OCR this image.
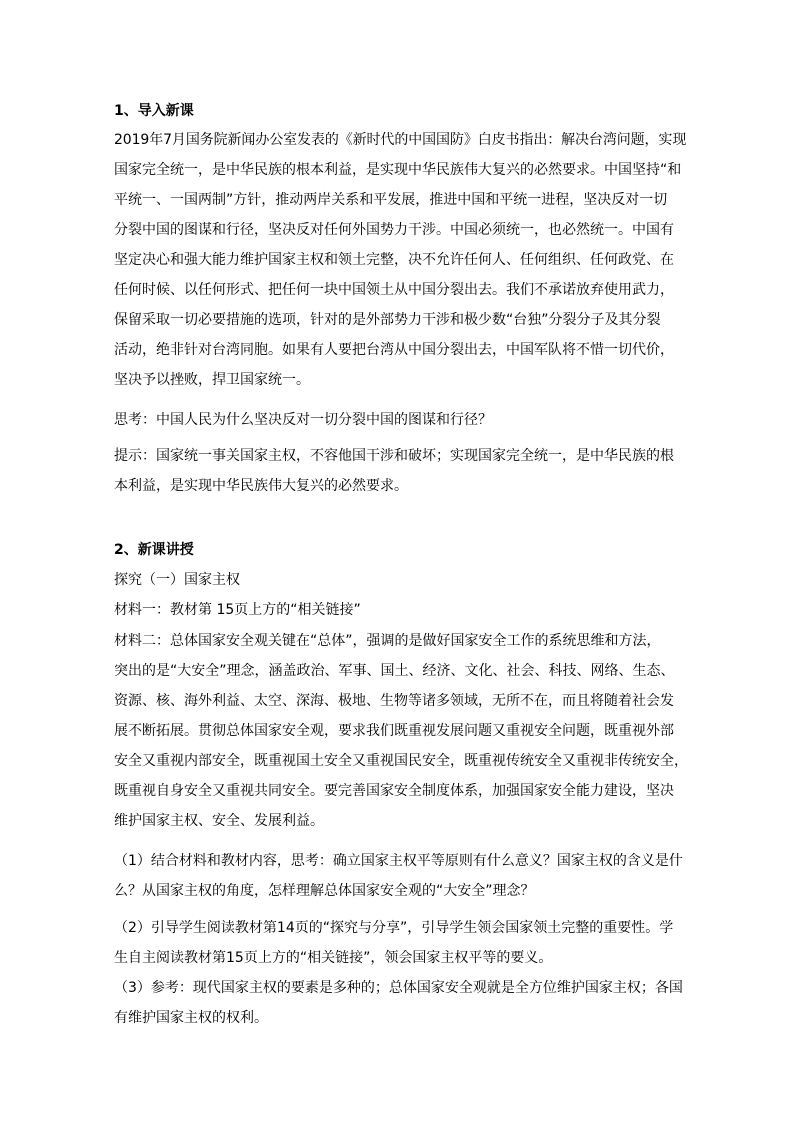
1、导入新课
2019年7月国务院新闻办公室发表的《新时代的中国国防》白皮书指出：解决台湾问题，实现
国家完全统一，是中华民族的根本利益，是实现中华民族伟大复兴的必然要求。中国坚持“和
平统一、一国两制”方针，推动两岸关系和平发展，推进中国和平统一进程，坚决反对一切
分裂中国的图谋和行径，坚决反对任何外国势力干涉。中国必须统一，也必然统一。中国有
坚定决心和强大能力维护国家主权和领土完整，决不允许任何人、任何组织、任何政党、在
任何时候、以任何形式、把任何一块中国领土从中国分裂出去。我们不承诺放弃使用武力，
保留采取一切必要措施的选项，针对的是外部势力干涉和极少数“台独”分裂分子及其分裂
活动，绝非针对台湾同胞。如果有人要把台湾从中国分裂出去，中国军队将不惜一切代价，
坚决予以挫败，捍卫国家统一。
思考：中国人民为什么坚决反对一切分裂中国的图谋和行径？
提示：国家统一事关国家主权，不容他国干涉和破坏；实现国家完全统一，是中华民族的根
本利益，是实现中华民族伟大复兴的必然要求。
2、新课讲授
探究（一）国家主权
材料一：教材第 15页上方的“相关链接”
材料二：总体国家安全观关键在“总体”，强调的是做好国家安全工作的系统思维和方法，
突出的是“大安全”理念，涵盖政治、军事、国土、经济、文化、社会、科技、网络、生态、
资源、核、海外利益、太空、深海、极地、生物等诸多领域，无所不在，而且将随着社会发
展不断拓展。贯彻总体国家安全观，要求我们既重视发展问题又重视安全问题，既重视外部
安全又重视内部安全，既重视国土安全又重视国民安全，既重视传统安全又重视非传统安全，
既重视自身安全又重视共同安全。要完善国家安全制度体系，加强国家安全能力建设，坚决
维护国家主权、安全、发展利益。
（1）结合材料和教材内容，思考：确立国家主权平等原则有什么意义？国家主权的含义是什
么？从国家主权的角度，怎样理解总体国家安全观的“大安全”理念？
（2）引导学生阅读教材第14页的“探究与分享”，引导学生领会国家领土完整的重要性。学
生自主阅读教材第15页上方的“相关链接”，领会国家主权平等的要义。
（3）参考：现代国家主权的要素是多种的；总体国家安全观就是全方位维护国家主权；各国
有维护国家主权的权利。
